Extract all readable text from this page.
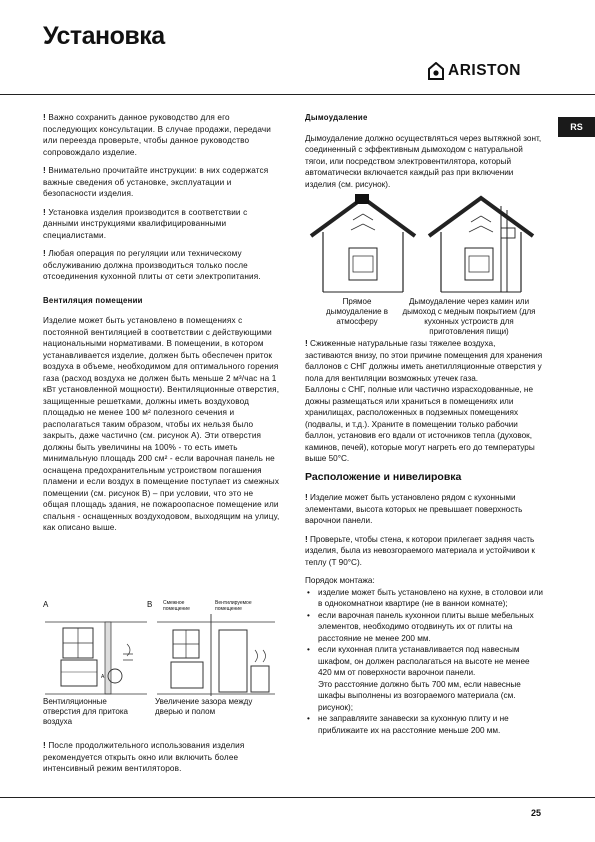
Установка
ARISTON
RS

! Важно сохранить данное руководство для его последующих консультации. В случае продажи, передачи или переезда проверьте, чтобы данное руководство сопровождало изделие.

! Внимательно прочитайте инструкции: в них содержатся важные сведения об установке, эксплуатации и безопасности изделия.

! Установка изделия производится в соответствии с данными инструкциями квалифицированными специалистами.

! Любая операция по регуляции или техническому обслуживанию должна производиться только после отсоединения кухонной плиты от сети электропитания.

Вентиляция помещении

Изделие может быть установлено в помещениях с постоянной вентиляцией в соответствии с действующими национальными нормативами. В помещении, в котором устанавливается изделие, должен быть обеспечен приток воздуха в объеме, необходимом для оптимального горения газа (расход воздуха не должен быть меньше 2 м³/час на 1 кВт установленной мощности). Вентиляционные отверстия, защищенные решетками, должны иметь воздуховод площадью не менее 100 м² полезного сечения и располагаться таким образом, чтобы их нельзя было закрыть, даже частично (см. рисунок А). Эти отверстия должны быть увеличины на 100% - то есть иметь минимальную площадь 200 см² - если варочная панель не оснащена предохранительным устроиством погашения пламени и если воздух в помещение поступает из смежных помещении (см. рисунок В) – при условии, что это не общая площадь здания, не пожароопасное помещение или спальня - оснащенных воздуходовом, выходящим на улицу, как описано выше.

A	B Смежное помещение
Вентилируемое помещение
A
Вентиляционные отверстия для притока воздуха
Увеличение зазора между дверью и полом

! После продолжительного использования изделия рекомендуется открыть окно или включить более интенсивный режим вентиляторов.

Дымоудаление

Дымоудаление должно осуществляться через вытяжной зонт, соединенный с эффективным дымоходом с натуральной тягои, или посредством электровентилятора, который автоматически включается каждый раз при включении изделия (см. рисунок).

Прямое дымоудаление в атмосферу
Дымоудаление через камин или дымоход с медным покрытием (для кухонных устроиств для приготовления пищи)

! Сжиженные натуральные газы тяжелее воздуха, застиваются внизу, по этои причине помещения для хранения баллонов с СНГ должны иметь анетилляционные отверстия у пола для вентиляции возможных утечек газа.

Баллоны с СНГ, полные или частично израсходованные, не дожны размещаться или храниться в помещениях или хранилищах, расположенных в подземных помещениях (подвалы, и т.д.). Храните в помещении только рабочии баллон, установив его вдали от источников тепла (духовок, каминов, печей), которые могут нагреть его до температуры выше 50°С.

Расположение и нивелировка

! Изделие может быть установлено рядом с кухонными элементами, высота которых не превышает поверхность варочнои панели.

! Проверьте, чтобы стена, к которои прилегает задняя часть изделия, была из невозгораемого материала и устойчивои к теплу (T 90°C).

Порядок монтажа:
• изделие может быть установлено на кухне, в столовои или в однокомнатнои квартире (не в ваннои комнате);
• если варочная панель кухоннои плиты выше мебельных элементов, необходимо отодвинуть их от плиты на расстояние не менее 200 мм.
• если кухонная плита устанавливается под навесным шкафом, он должен располагаться на высоте не менее 420 мм от поверхности варочнои панели.
Это расстояние должно быть 700 мм, если навесные шкафы выполнены из возгораемого материала (см. рисунок);
• не заправляите занавески за кухонную плиту и не приближаите их на расстояние меньше 200 мм.
25
